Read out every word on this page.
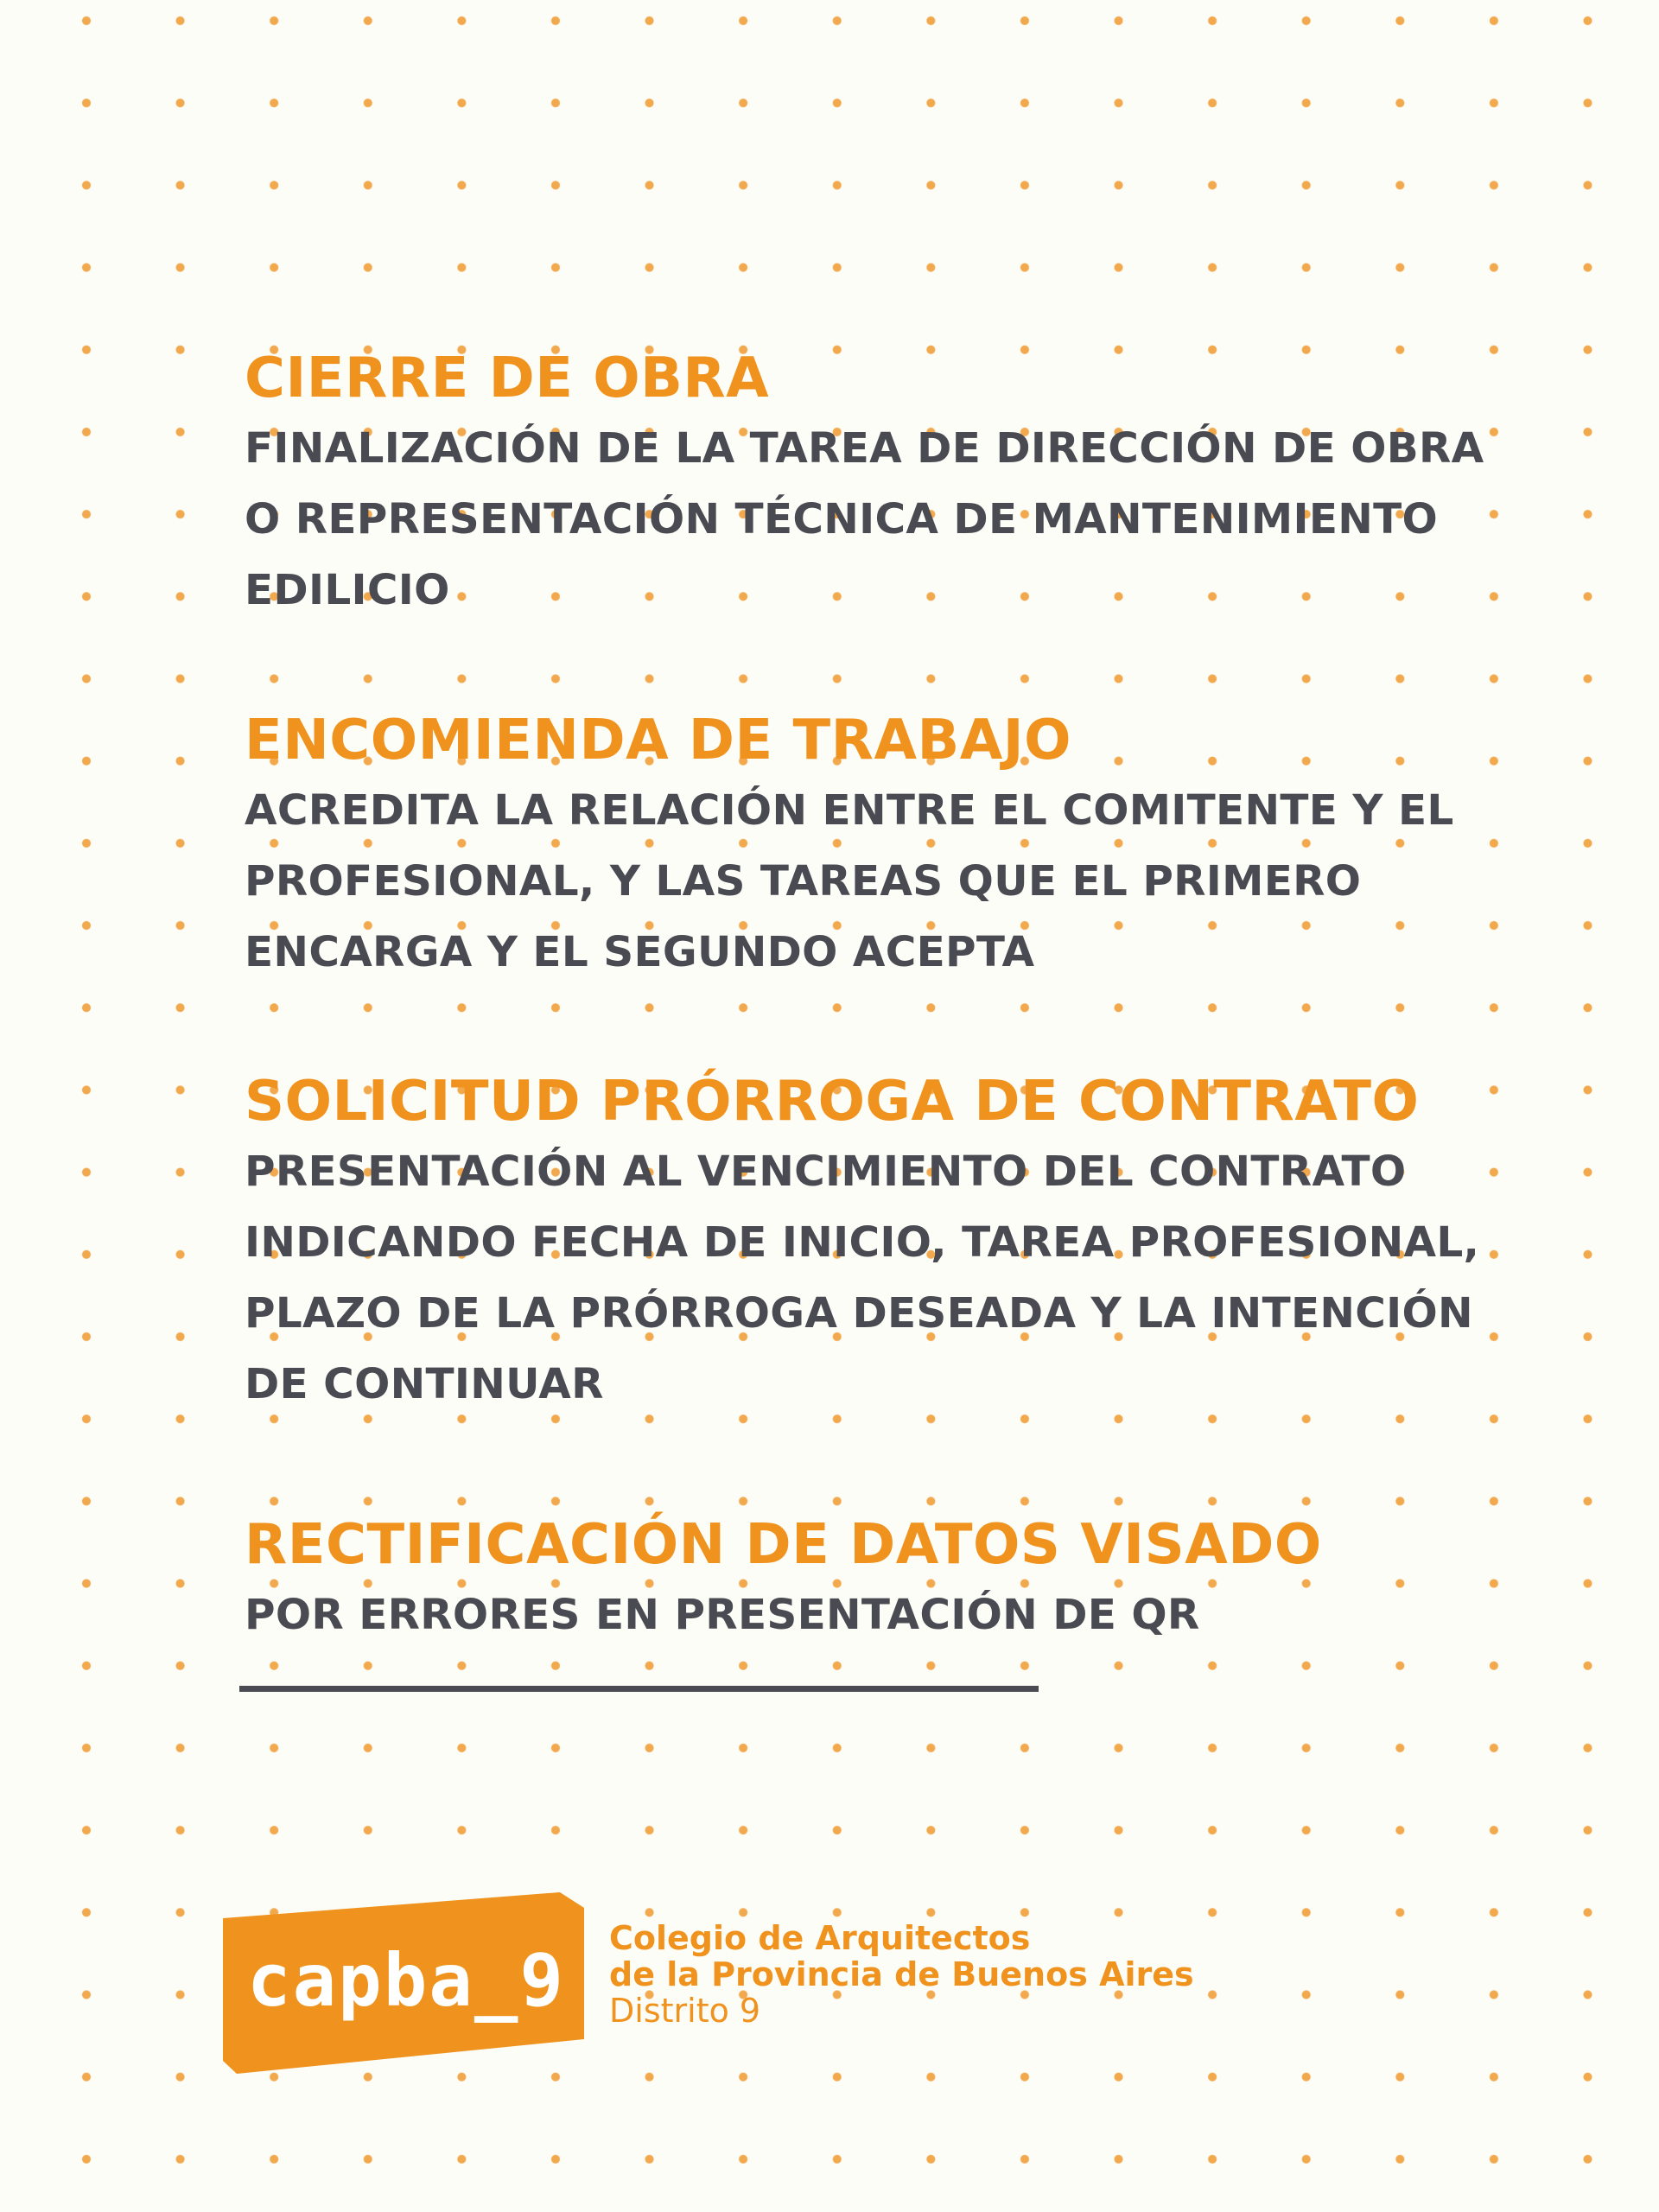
CIERRE DE OBRA

FINALIZACIÓN DE LA TAREA DE DIRECCIÓN DE OBRA
O REPRESENTACIÓN TÉCNICA DE MANTENIMIENTO
EDILICIO

ENCOMIENDA DE TRABAJO

ACREDITA LA RELACIÓN ENTRE EL COMITENTE Y EL
PROFESIONAL, Y LAS TAREAS QUE EL PRIMERO
ENCARGA Y EL SEGUNDO ACEPTA

SOLICITUD PRÓRROGA DE CONTRATO

PRESENTACIÓN AL VENCIMIENTO DEL CONTRATO
INDICANDO FECHA DE INICIO, TAREA PROFESIONAL,
PLAZO DE LA PRÓRROGA DESEADA Y LA INTENCIÓN
DE CONTINUAR

RECTIFICACIÓN DE DATOS VISADO

POR ERRORES EN PRESENTACIÓN DE QR

capba_9 Colegio de Arquitectos
de la Provincia de Buenos Aires
Distrito 9
